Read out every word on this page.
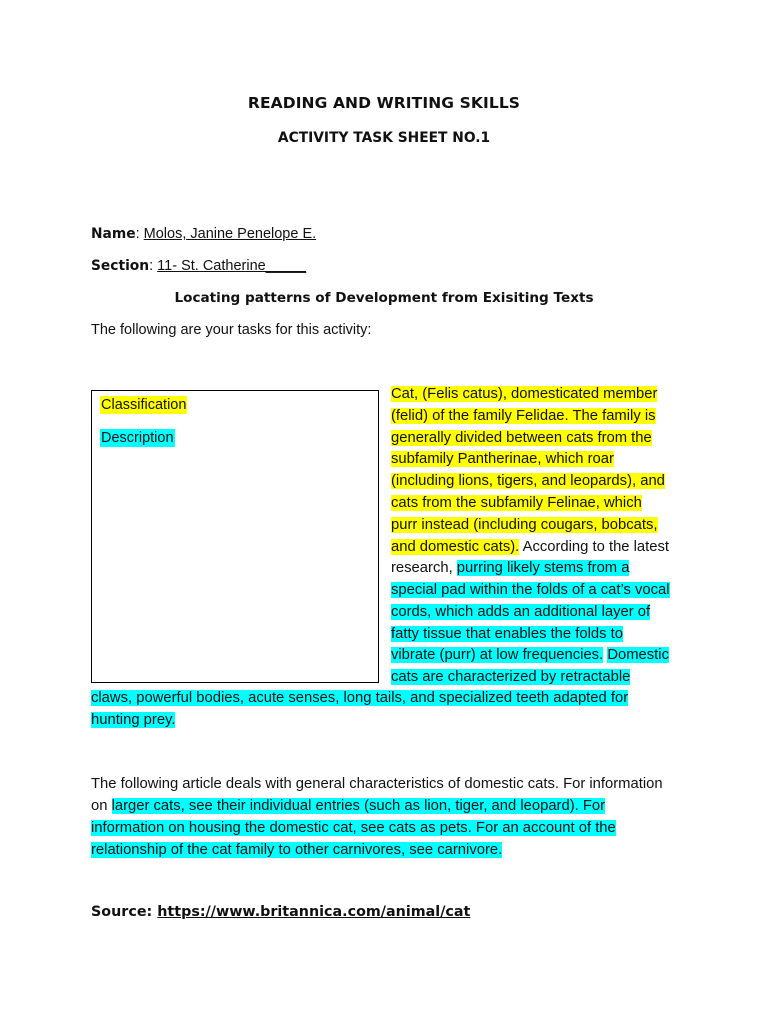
READING AND WRITING SKILLS
ACTIVITY TASK SHEET NO.1
Name: Molos, Janine Penelope E.
Section: 11- St. Catherine_____
Locating patterns of Development from Exisiting Texts
The following are your tasks for this activity:
Classification
Description
Cat, (Felis catus), domesticated member
(felid) of the family Felidae. The family is
generally divided between cats from the
subfamily Pantherinae, which roar
(including lions, tigers, and leopards), and
cats from the subfamily Felinae, which
purr instead (including cougars, bobcats,
and domestic cats). According to the latest
research, purring likely stems from a
special pad within the folds of a cat’s vocal
cords, which adds an additional layer of
fatty tissue that enables the folds to
vibrate (purr) at low frequencies. Domestic
cats are characterized by retractable
claws, powerful bodies, acute senses, long tails, and specialized teeth adapted for
hunting prey.
The following article deals with general characteristics of domestic cats. For information
on larger cats, see their individual entries (such as lion, tiger, and leopard). For
information on housing the domestic cat, see cats as pets. For an account of the
relationship of the cat family to other carnivores, see carnivore.
Source: https://www.britannica.com/animal/cat
